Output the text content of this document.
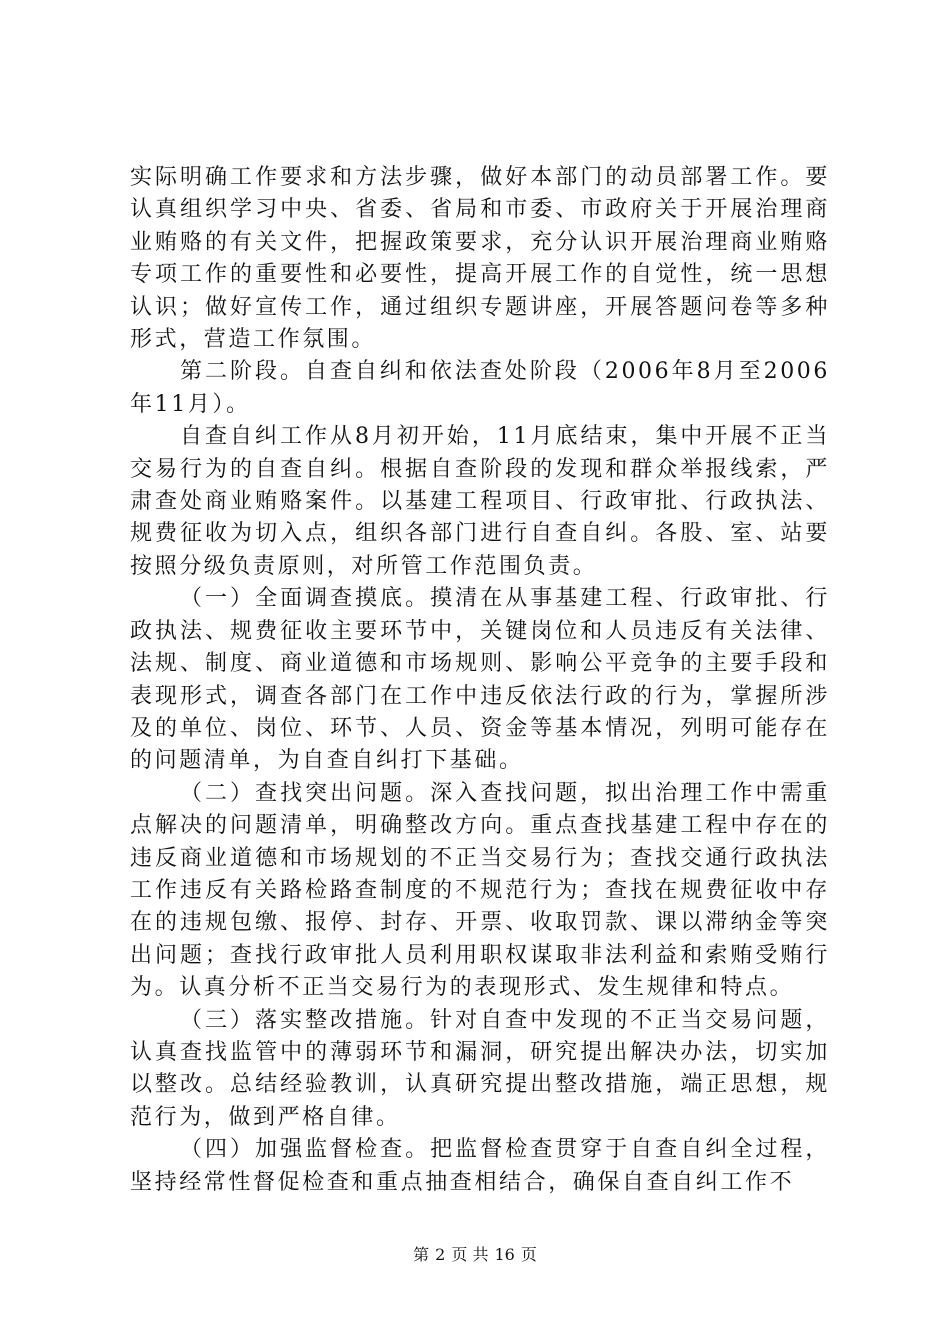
实际明确工作要求和方法步骤，做好本部门的动员部署工作。要认真组织学习中央、省委、省局和市委、市政府关于开展治理商业贿赂的有关文件，把握政策要求，充分认识开展治理商业贿赂专项工作的重要性和必要性，提高开展工作的自觉性，统一思想认识；做好宣传工作，通过组织专题讲座，开展答题问卷等多种形式，营造工作氛围。

第二阶段。自查自纠和依法查处阶段（2006年8月至2006年11月）。

自查自纠工作从8月初开始，11月底结束，集中开展不正当交易行为的自查自纠。根据自查阶段的发现和群众举报线索，严肃查处商业贿赂案件。以基建工程项目、行政审批、行政执法、规费征收为切入点，组织各部门进行自查自纠。各股、室、站要按照分级负责原则，对所管工作范围负责。

（一）全面调查摸底。摸清在从事基建工程、行政审批、行政执法、规费征收主要环节中，关键岗位和人员违反有关法律、法规、制度、商业道德和市场规则、影响公平竞争的主要手段和表现形式，调查各部门在工作中违反依法行政的行为，掌握所涉及的单位、岗位、环节、人员、资金等基本情况，列明可能存在的问题清单，为自查自纠打下基础。

（二）查找突出问题。深入查找问题，拟出治理工作中需重点解决的问题清单，明确整改方向。重点查找基建工程中存在的违反商业道德和市场规划的不正当交易行为；查找交通行政执法工作违反有关路检路查制度的不规范行为；查找在规费征收中存在的违规包缴、报停、封存、开票、收取罚款、课以滞纳金等突出问题；查找行政审批人员利用职权谋取非法利益和索贿受贿行为。认真分析不正当交易行为的表现形式、发生规律和特点。

（三）落实整改措施。针对自查中发现的不正当交易问题，认真查找监管中的薄弱环节和漏洞，研究提出解决办法，切实加以整改。总结经验教训，认真研究提出整改措施，端正思想，规范行为，做到严格自律。

（四）加强监督检查。把监督检查贯穿于自查自纠全过程，坚持经常性督促检查和重点抽查相结合，确保自查自纠工作不

第 2 页 共 16 页
